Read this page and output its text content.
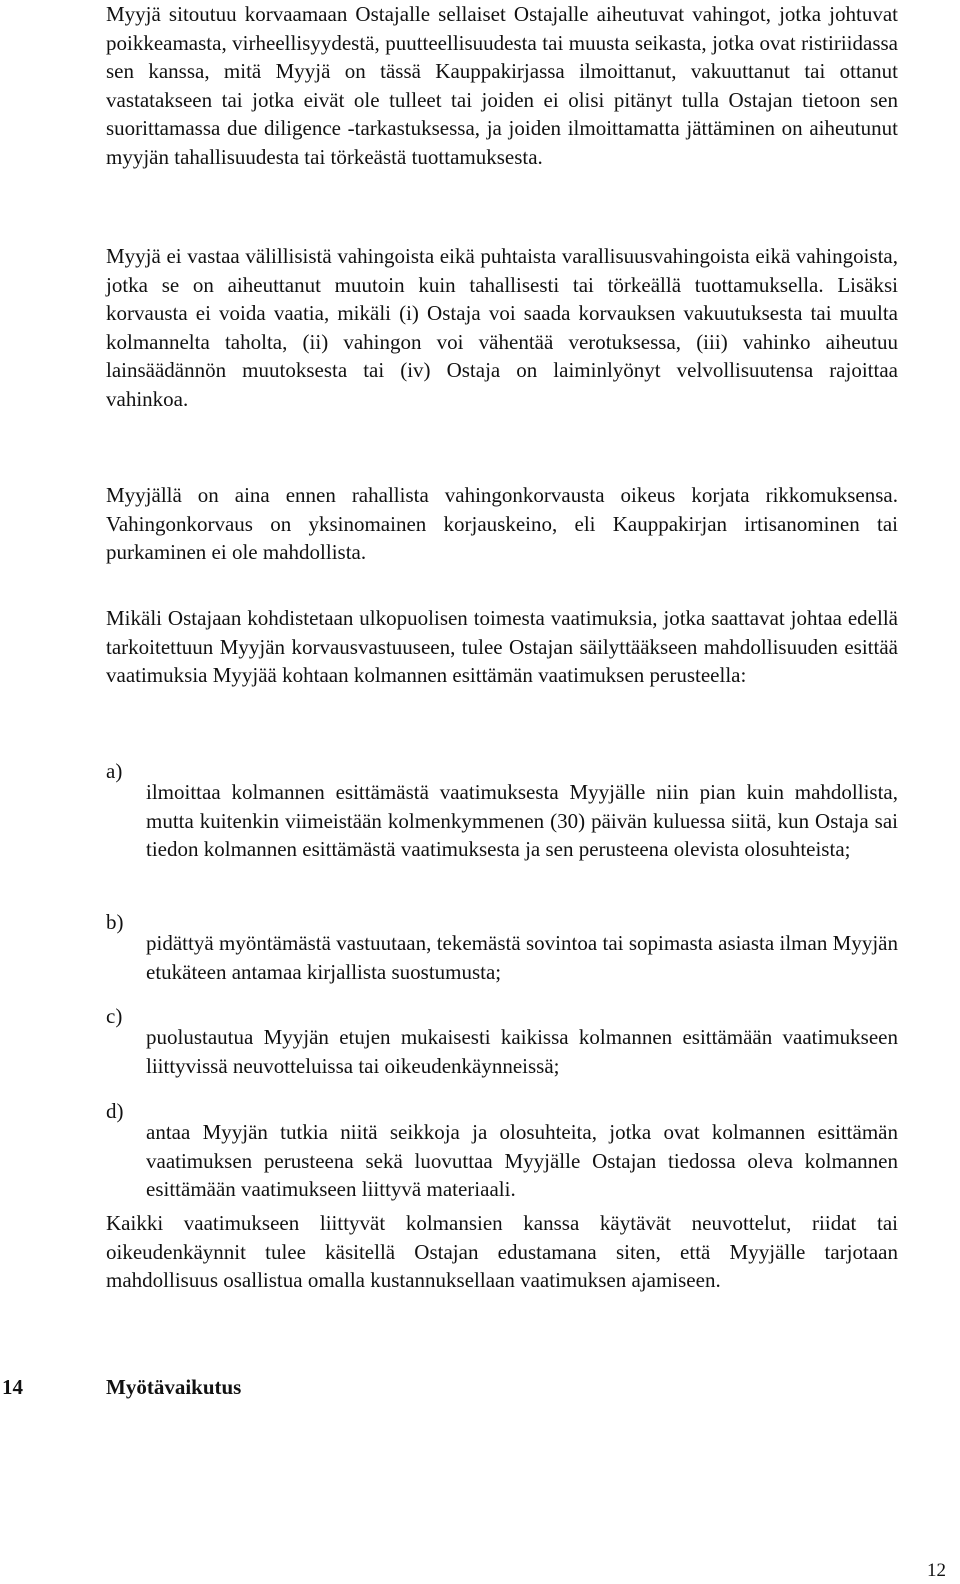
Myyjä sitoutuu korvaamaan Ostajalle sellaiset Ostajalle aiheutuvat vahingot, jotka johtuvat poikkeamasta, virheellisyydestä, puutteellisuudesta tai muusta seikasta, jotka ovat ristiriidassa sen kanssa, mitä Myyjä on tässä Kauppakirjassa ilmoittanut, vakuuttanut tai ottanut vastatakseen tai jotka eivät ole tulleet tai joiden ei olisi pitänyt tulla Ostajan tietoon sen suorittamassa due diligence -tarkastuksessa, ja joiden ilmoittamatta jättäminen on aiheutunut myyjän tahallisuudesta tai törkeästä tuottamuksesta.

Myyjä ei vastaa välillisistä vahingoista eikä puhtaista varallisuusvahingoista eikä vahingoista, jotka se on aiheuttanut muutoin kuin tahallisesti tai törkeällä tuottamuksella. Lisäksi korvausta ei voida vaatia, mikäli (i) Ostaja voi saada korvauksen vakuutuksesta tai muulta kolmannelta taholta, (ii) vahingon voi vähentää verotuksessa, (iii) vahinko aiheutuu lainsäädännön muutoksesta tai (iv) Ostaja on laiminlyönyt velvollisuutensa rajoittaa vahinkoa.

Myyjällä on aina ennen rahallista vahingonkorvausta oikeus korjata rikkomuksensa. Vahingonkorvaus on yksinomainen korjauskeino, eli Kauppakirjan irtisanominen tai purkaminen ei ole mahdollista.

Mikäli Ostajaan kohdistetaan ulkopuolisen toimesta vaatimuksia, jotka saattavat johtaa edellä tarkoitettuun Myyjän korvausvastuuseen, tulee Ostajan säilyttääkseen mahdollisuuden esittää vaatimuksia Myyjää kohtaan kolmannen esittämän vaatimuksen perusteella:

a)

ilmoittaa kolmannen esittämästä vaatimuksesta Myyjälle niin pian kuin mahdollista, mutta kuitenkin viimeistään kolmenkymmenen (30) päivän kuluessa siitä, kun Ostaja sai tiedon kolmannen esittämästä vaatimuksesta ja sen perusteena olevista olosuhteista;

b)

pidättyä myöntämästä vastuutaan, tekemästä sovintoa tai sopimasta asiasta ilman Myyjän etukäteen antamaa kirjallista suostumusta;

c)

puolustautua Myyjän etujen mukaisesti kaikissa kolmannen esittämään vaatimukseen liittyvissä neuvotteluissa tai oikeudenkäynneissä;

d)

antaa Myyjän tutkia niitä seikkoja ja olosuhteita, jotka ovat kolmannen esittämän vaatimuksen perusteena sekä luovuttaa Myyjälle Ostajan tiedossa oleva kolmannen esittämään vaatimukseen liittyvä materiaali.

Kaikki vaatimukseen liittyvät kolmansien kanssa käytävät neuvottelut, riidat tai oikeudenkäynnit tulee käsitellä Ostajan edustamana siten, että Myyjälle tarjotaan mahdollisuus osallistua omalla kustannuksellaan vaatimuksen ajamiseen.

14	Myötävaikutus
12
